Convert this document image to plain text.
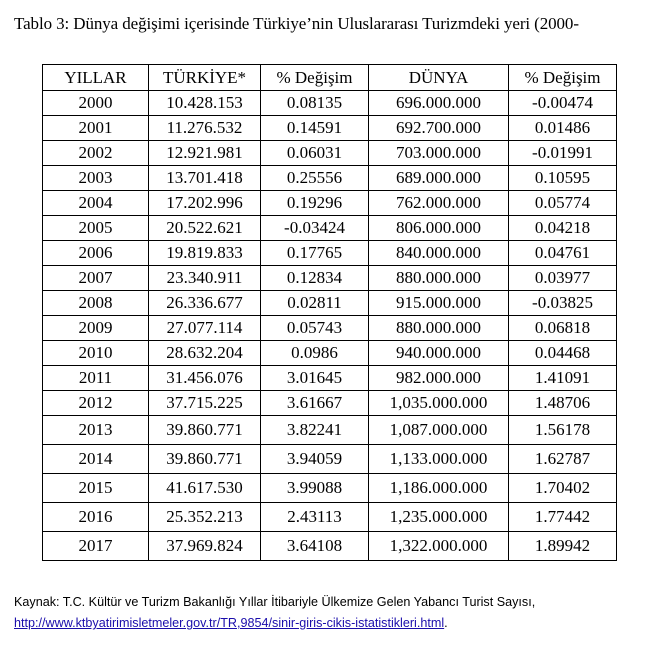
Tablo 3: Dünya değişimi içerisinde Türkiye’nin Uluslararası Turizmdeki yeri (2000-
YILLAR	TÜRKİYE*	% Değişim	DÜNYA	% Değişim
2000	10.428.153	0.08135	696.000.000	-0.00474
2001	11.276.532	0.14591	692.700.000	0.01486
2002	12.921.981	0.06031	703.000.000	-0.01991
2003	13.701.418	0.25556	689.000.000	0.10595
2004	17.202.996	0.19296	762.000.000	0.05774
2005	20.522.621	-0.03424	806.000.000	0.04218
2006	19.819.833	0.17765	840.000.000	0.04761
2007	23.340.911	0.12834	880.000.000	0.03977
2008	26.336.677	0.02811	915.000.000	-0.03825
2009	27.077.114	0.05743	880.000.000	0.06818
2010	28.632.204	0.0986	940.000.000	0.04468
2011	31.456.076	3.01645	982.000.000	1.41091
2012	37.715.225	3.61667	1,035.000.000	1.48706
2013	39.860.771	3.82241	1,087.000.000	1.56178
2014	39.860.771	3.94059	1,133.000.000	1.62787
2015	41.617.530	3.99088	1,186.000.000	1.70402
2016	25.352.213	2.43113	1,235.000.000	1.77442
2017	37.969.824	3.64108	1,322.000.000	1.89942
Kaynak: T.C. Kültür ve Turizm Bakanlığı Yıllar İtibariyle Ülkemize Gelen Yabancı Turist Sayısı,
http://www.ktbyatirimisletmeler.gov.tr/TR,9854/sinir-giris-cikis-istatistikleri.html.
